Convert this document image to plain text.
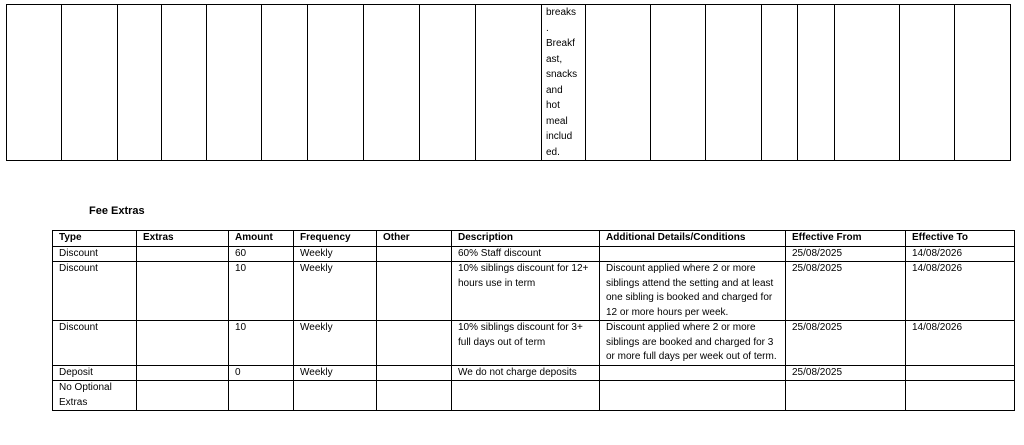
breaks
.
Breakf
ast,
snacks
and
hot
meal
includ
ed.

Fee Extras
Type	Extras	Amount	Frequency	Other	Description	Additional Details/Conditions	Effective From	Effective To
Discount		60	Weekly		60% Staff discount		25/08/2025	14/08/2026
Discount		10	Weekly		10% siblings discount for 12+ hours use in term	Discount applied where 2 or more siblings attend the setting and at least one sibling is booked and charged for 12 or more hours per week.	25/08/2025	14/08/2026
Discount		10	Weekly		10% siblings discount for 3+ full days out of term	Discount applied where 2 or more siblings are booked and charged for 3 or more full days per week out of term.	25/08/2025	14/08/2026
Deposit		0	Weekly		We do not charge deposits		25/08/2025	
No Optional Extras								
